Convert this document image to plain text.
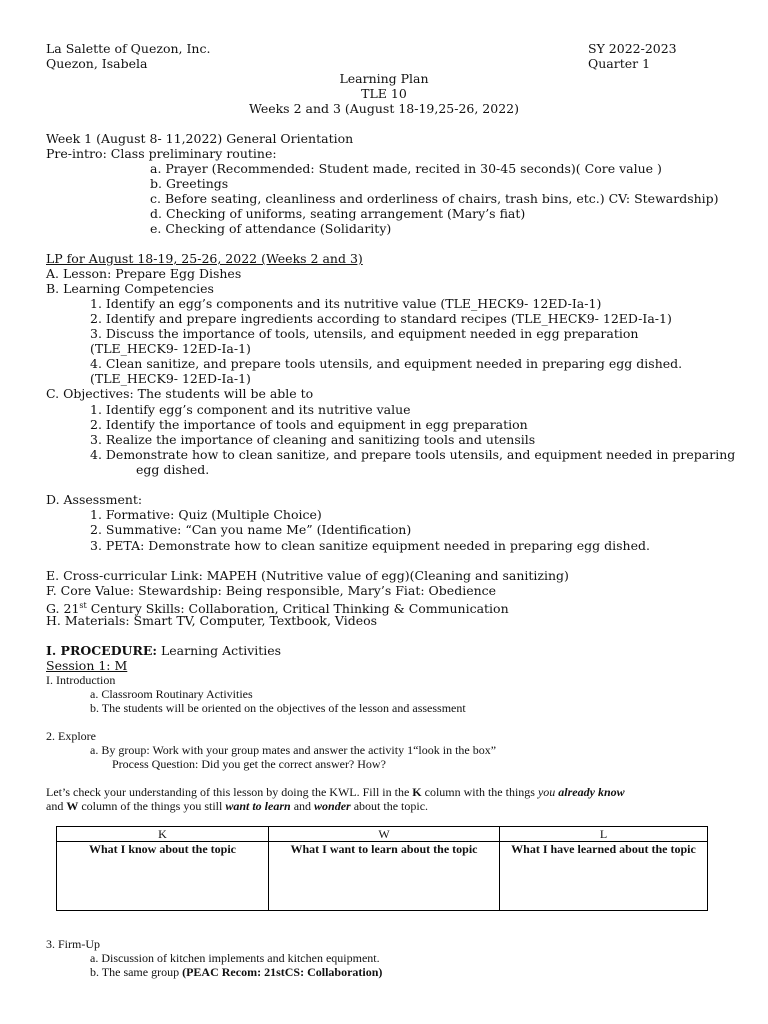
La Salette of Quezon, Inc.
Quezon, Isabela
SY 2022-2023
Quarter 1
Learning Plan
TLE 10
Weeks 2 and 3 (August 18-19,25-26, 2022)
Week 1 (August 8- 11,2022) General Orientation
Pre-intro: Class preliminary routine:
a. Prayer (Recommended: Student made, recited in 30-45 seconds)( Core value )
b. Greetings
c. Before seating, cleanliness and orderliness of chairs, trash bins, etc.) CV: Stewardship)
d. Checking of uniforms, seating arrangement (Mary’s fiat)
e. Checking of attendance (Solidarity)
LP for August 18-19, 25-26, 2022 (Weeks 2 and 3)
A. Lesson: Prepare Egg Dishes
B. Learning Competencies
1. Identify an egg’s components and its nutritive value (TLE_HECK9- 12ED-Ia-1)
2. Identify and prepare ingredients according to standard recipes (TLE_HECK9- 12ED-Ia-1)
3. Discuss the importance of tools, utensils, and equipment needed in egg preparation
(TLE_HECK9- 12ED-Ia-1)
4. Clean sanitize, and prepare tools utensils, and equipment needed in preparing egg dished.
(TLE_HECK9- 12ED-Ia-1)
C. Objectives: The students will be able to
1. Identify egg’s component and its nutritive value
2. Identify the importance of tools and equipment in egg preparation
3. Realize the importance of cleaning and sanitizing tools and utensils
4. Demonstrate how to clean sanitize, and prepare tools utensils, and equipment needed in preparing
egg dished.
D. Assessment:
1. Formative: Quiz (Multiple Choice)
2. Summative: “Can you name Me” (Identification)
3. PETA: Demonstrate how to clean sanitize equipment needed in preparing egg dished.
E. Cross-curricular Link: MAPEH (Nutritive value of egg)(Cleaning and sanitizing)
F. Core Value: Stewardship: Being responsible, Mary’s Fiat: Obedience
G. 21st Century Skills: Collaboration, Critical Thinking & Communication
H. Materials: Smart TV, Computer, Textbook, Videos
I. PROCEDURE: Learning Activities
Session 1: M
I. Introduction
a. Classroom Routinary Activities
b. The students will be oriented on the objectives of the lesson and assessment
2. Explore
a. By group: Work with your group mates and answer the activity 1“look in the box”
Process Question: Did you get the correct answer? How?
Let’s check your understanding of this lesson by doing the KWL. Fill in the K column with the things you already know
and W column of the things you still want to learn and wonder about the topic.
K	W	L
What I know about the topic	What I want to learn about the topic	What I have learned about the topic
3. Firm-Up
a. Discussion of kitchen implements and kitchen equipment.
b. The same group (PEAC Recom: 21stCS: Collaboration)
